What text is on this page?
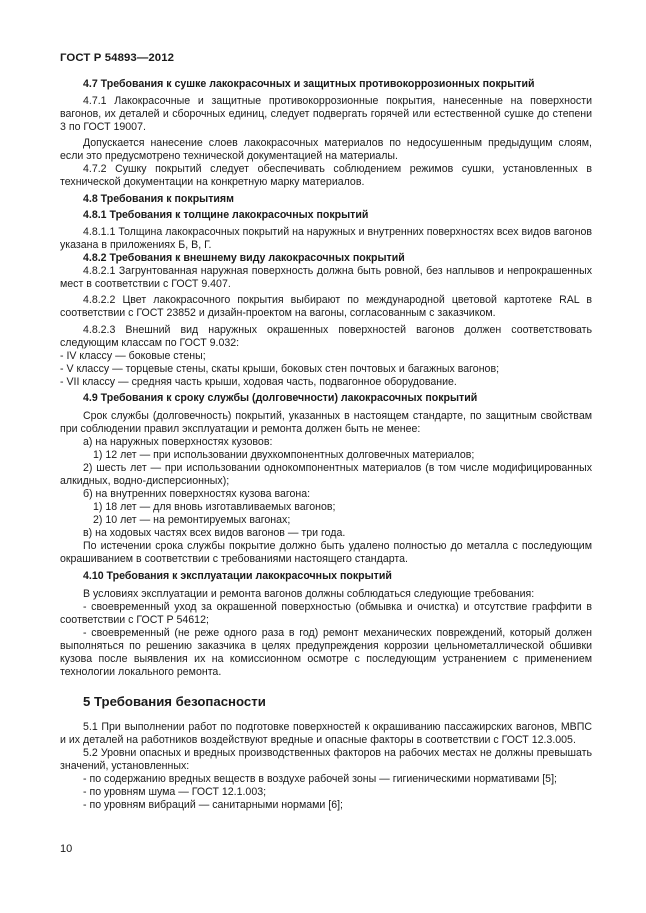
ГОСТ Р 54893—2012

4.7 Требования к сушке лакокрасочных и защитных противокоррозионных покрытий

4.7.1 Лакокрасочные и защитные противокоррозионные покрытия, нанесенные на поверхности вагонов, их деталей и сборочных единиц, следует подвергать горячей или естественной сушке до степени 3 по ГОСТ 19007.

Допускается нанесение слоев лакокрасочных материалов по недосушенным предыдущим слоям, если это предусмотрено технической документацией на материалы.

4.7.2 Сушку покрытий следует обеспечивать соблюдением режимов сушки, установленных в технической документации на конкретную марку материалов.

4.8 Требования к покрытиям

4.8.1 Требования к толщине лакокрасочных покрытий

4.8.1.1 Толщина лакокрасочных покрытий на наружных и внутренних поверхностях всех видов вагонов указана в приложениях Б, В, Г.

4.8.2 Требования к внешнему виду лакокрасочных покрытий

4.8.2.1 Загрунтованная наружная поверхность должна быть ровной, без наплывов и непрокрашенных мест в соответствии с ГОСТ 9.407.

4.8.2.2 Цвет лакокрасочного покрытия выбирают по международной цветовой картотеке RAL в соответствии с ГОСТ 23852 и дизайн-проектом на вагоны, согласованным с заказчиком.

4.8.2.3 Внешний вид наружных окрашенных поверхностей вагонов должен соответствовать следующим классам по ГОСТ 9.032:

- IV классу — боковые стены;

- V классу — торцевые стены, скаты крыши, боковых стен почтовых и багажных вагонов;

- VII классу — средняя часть крыши, ходовая часть, подвагонное оборудование.

4.9 Требования к сроку службы (долговечности) лакокрасочных покрытий

Срок службы (долговечность) покрытий, указанных в настоящем стандарте, по защитным свойствам при соблюдении правил эксплуатации и ремонта должен быть не менее:

а) на наружных поверхностях кузовов:

1) 12 лет — при использовании двухкомпонентных долговечных материалов;

2) шесть лет — при использовании однокомпонентных материалов (в том числе модифицированных алкидных, водно-дисперсионных);

б) на внутренних поверхностях кузова вагона:

1) 18 лет — для вновь изготавливаемых вагонов;

2) 10 лет — на ремонтируемых вагонах;

в) на ходовых частях всех видов вагонов — три года.

По истечении срока службы покрытие должно быть удалено полностью до металла с последующим окрашиванием в соответствии с требованиями настоящего стандарта.

4.10 Требования к эксплуатации лакокрасочных покрытий

В условиях эксплуатации и ремонта вагонов должны соблюдаться следующие требования:

- своевременный уход за окрашенной поверхностью (обмывка и очистка) и отсутствие граффити в соответствии с ГОСТ Р 54612;

- своевременный (не реже одного раза в год) ремонт механических повреждений, который должен выполняться по решению заказчика в целях предупреждения коррозии цельнометаллической обшивки кузова после выявления их на комиссионном осмотре с последующим устранением с применением технологии локального ремонта.

5 Требования безопасности

5.1 При выполнении работ по подготовке поверхностей к окрашиванию пассажирских вагонов, МВПС и их деталей на работников воздействуют вредные и опасные факторы в соответствии с ГОСТ 12.3.005.

5.2 Уровни опасных и вредных производственных факторов на рабочих местах не должны превышать значений, установленных:

- по содержанию вредных веществ в воздухе рабочей зоны — гигиеническими нормативами [5];

- по уровням шума — ГОСТ 12.1.003;

- по уровням вибраций — санитарными нормами [6];

10
